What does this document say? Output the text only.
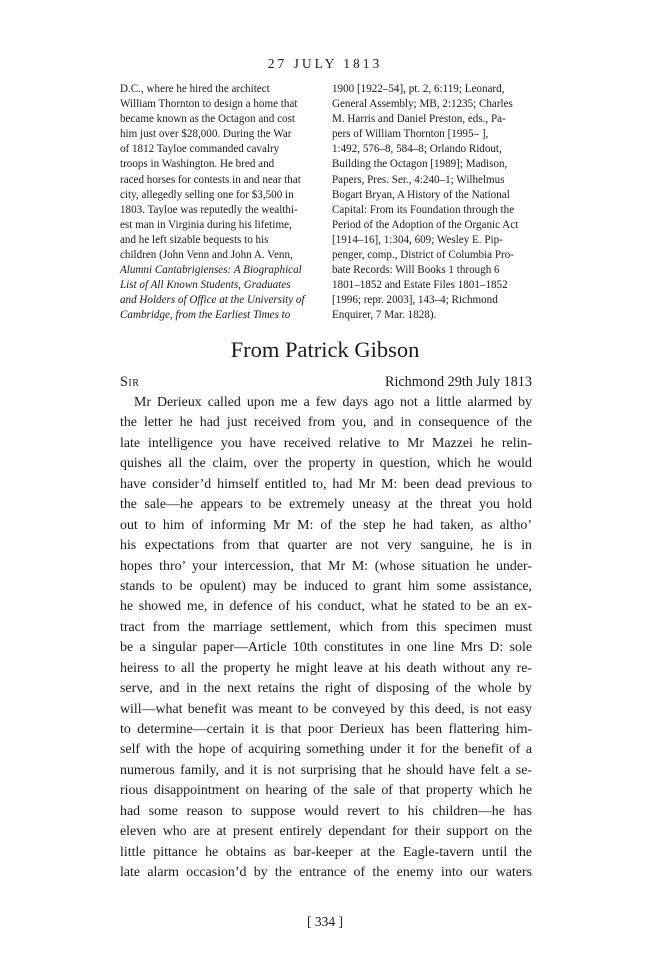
27 JULY 1813

D.C., where he hired the architect

William Thornton to design a home that

became known as the Octagon and cost

him just over $28,000. During the War

of 1812 Tayloe commanded cavalry

troops in Washington. He bred and

raced horses for contests in and near that

city, allegedly selling one for $3,500 in

1803. Tayloe was reputedly the wealthi-

est man in Virginia during his lifetime,

and he left sizable bequests to his

children (John Venn and John A. Venn,

Alumni Cantabrigienses: A Biographical

List of All Known Students, Graduates

and Holders of Office at the University of

Cambridge, from the Earliest Times to

1900 [1922–54], pt. 2, 6:119; Leonard,

General Assembly; MB, 2:1235; Charles

M. Harris and Daniel Preston, eds., Pa-

pers of William Thornton [1995– ],

1:492, 576–8, 584–8; Orlando Ridout,

Building the Octagon [1989]; Madison,

Papers, Pres. Ser., 4:240–1; Wilhelmus

Bogart Bryan, A History of the National

Capital: From its Foundation through the

Period of the Adoption of the Organic Act

[1914–16], 1:304, 609; Wesley E. Pip-

penger, comp., District of Columbia Pro-

bate Records: Will Books 1 through 6

1801–1852 and Estate Files 1801–1852

[1996; repr. 2003], 143–4; Richmond

Enquirer, 7 Mar. 1828).

From Patrick Gibson
Sir	Richmond 29th July 1813
Mr Derieux called upon me a few days ago not a little alarmed by
the letter he had just received from you, and in consequence of the
late intelligence you have received relative to Mr Mazzei he relin-
quishes all the claim, over the property in question, which he would
have consider’d himself entitled to, had Mr M: been dead previous to
the sale—he appears to be extremely uneasy at the threat you hold
out to him of informing Mr M: of the step he had taken, as altho’
his expectations from that quarter are not very sanguine, he is in
hopes thro’ your intercession, that Mr M: (whose situation he under-
stands to be opulent) may be induced to grant him some assistance,
he showed me, in defence of his conduct, what he stated to be an ex-
tract from the marriage settlement, which from this specimen must
be a singular paper—Article 10th constitutes in one line Mrs D: sole
heiress to all the property he might leave at his death without any re-
serve, and in the next retains the right of disposing of the whole by
will—what benefit was meant to be conveyed by this deed, is not easy
to determine—certain it is that poor Derieux has been flattering him-
self with the hope of acquiring something under it for the benefit of a
numerous family, and it is not surprising that he should have felt a se-
rious disappointment on hearing of the sale of that property which he
had some reason to suppose would revert to his children—he has
eleven who are at present entirely dependant for their support on the
little pittance he obtains as bar-keeper at the Eagle-tavern until the
late alarm occasion’d by the entrance of the enemy into our waters
[ 334 ]
